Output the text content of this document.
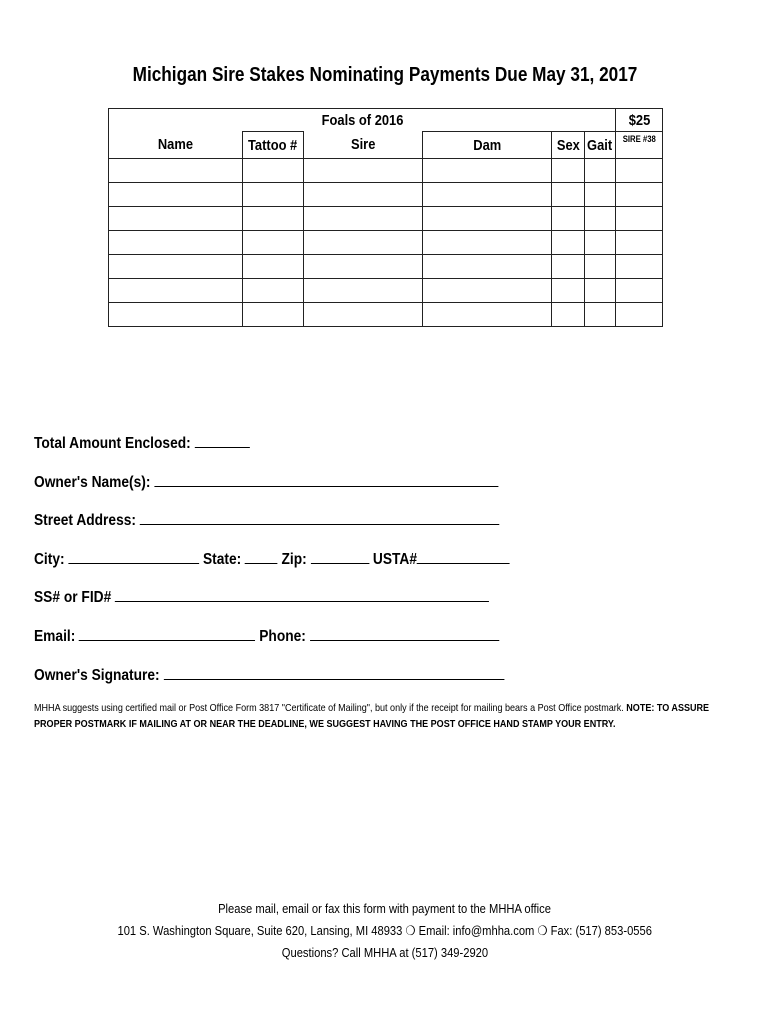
Michigan Sire Stakes Nominating Payments Due May 31, 2017
Foals of 2016						$25
Name	Tattoo #	Sire	Dam	Sex	Gait	SIRE #38

Total Amount Enclosed:
Owner's Name(s):
Street Address:
City:	State:	Zip:	USTA#
SS# or FID#
Email:	Phone:
Owner's Signature:
MHHA suggests using certified mail or Post Office Form 3817 "Certificate of Mailing", but only if the receipt for mailing bears a Post Office postmark. NOTE: TO ASSURE PROPER POSTMARK IF MAILING AT OR NEAR THE DEADLINE, WE SUGGEST HAVING THE POST OFFICE HAND STAMP YOUR ENTRY.
Please mail, email or fax this form with payment to the MHHA office
101 S. Washington Square, Suite 620, Lansing, MI 48933 ❍ Email: info@mhha.com ❍ Fax: (517) 853-0556
Questions? Call MHHA at (517) 349-2920
